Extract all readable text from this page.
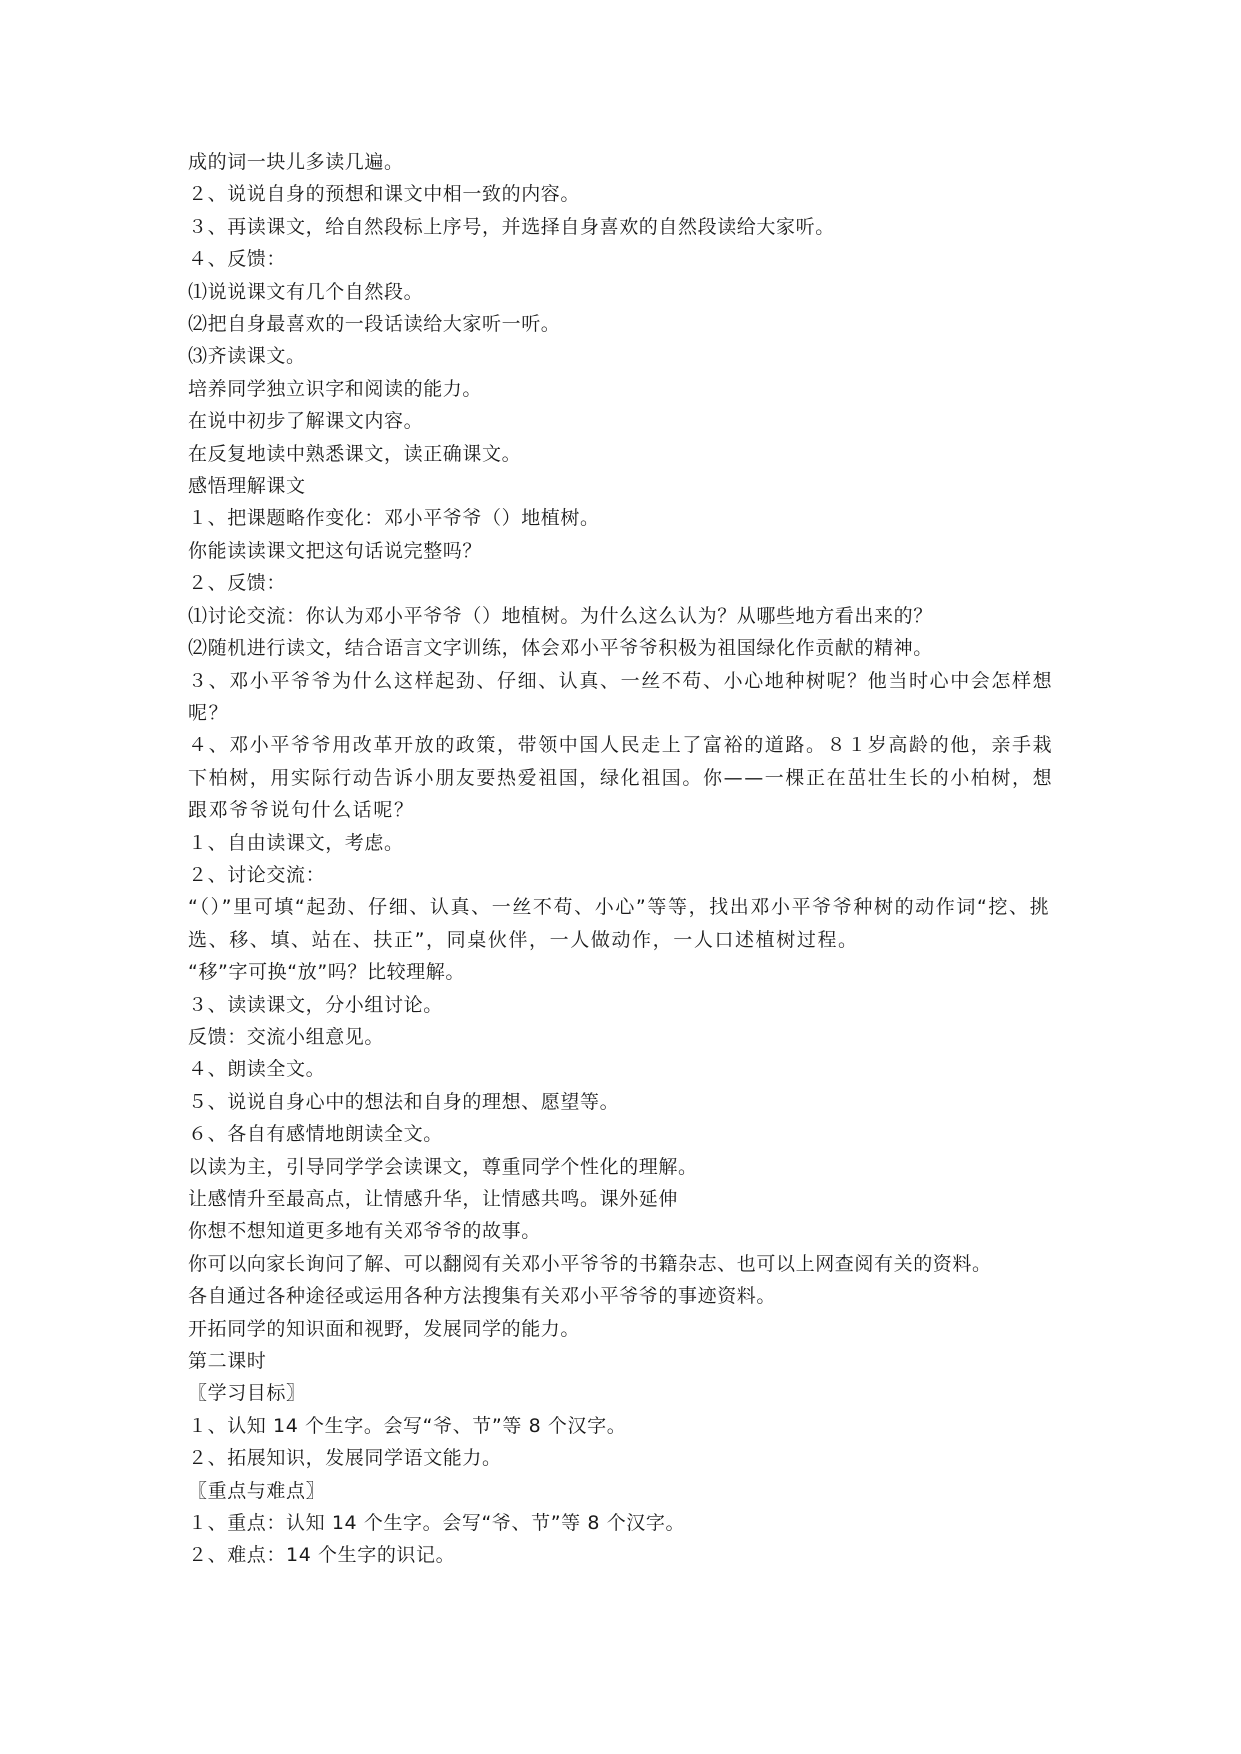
成的词一块儿多读几遍。
２、说说自身的预想和课文中相一致的内容。
３、再读课文，给自然段标上序号，并选择自身喜欢的自然段读给大家听。
４、反馈：
⑴说说课文有几个自然段。
⑵把自身最喜欢的一段话读给大家听一听。
⑶齐读课文。
培养同学独立识字和阅读的能力。
在说中初步了解课文内容。
在反复地读中熟悉课文，读正确课文。
感悟理解课文
１、把课题略作变化：邓小平爷爷（）地植树。
你能读读课文把这句话说完整吗？
２、反馈：
⑴讨论交流：你认为邓小平爷爷（）地植树。为什么这么认为？从哪些地方看出来的？
⑵随机进行读文，结合语言文字训练，体会邓小平爷爷积极为祖国绿化作贡献的精神。
３、邓小平爷爷为什么这样起劲、仔细、认真、一丝不苟、小心地种树呢？他当时心中会怎样想呢？
４、邓小平爷爷用改革开放的政策，带领中国人民走上了富裕的道路。８１岁高龄的他，亲手栽下柏树，用实际行动告诉小朋友要热爱祖国，绿化祖国。你——一棵正在茁壮生长的小柏树，想跟邓爷爷说句什么话呢？
１、自由读课文，考虑。
２、讨论交流：
“（）”里可填“起劲、仔细、认真、一丝不苟、小心”等等，找出邓小平爷爷种树的动作词“挖、挑选、移、填、站在、扶正”，同桌伙伴，一人做动作，一人口述植树过程。
“移”字可换“放”吗？比较理解。
３、读读课文，分小组讨论。
反馈：交流小组意见。
４、朗读全文。
５、说说自身心中的想法和自身的理想、愿望等。
６、各自有感情地朗读全文。
以读为主，引导同学学会读课文，尊重同学个性化的理解。
让感情升至最高点，让情感升华，让情感共鸣。课外延伸
你想不想知道更多地有关邓爷爷的故事。
你可以向家长询问了解、可以翻阅有关邓小平爷爷的书籍杂志、也可以上网查阅有关的资料。
各自通过各种途径或运用各种方法搜集有关邓小平爷爷的事迹资料。
开拓同学的知识面和视野，发展同学的能力。
第二课时
〖学习目标〗
１、认知 14 个生字。会写“爷、节”等 8 个汉字。
２、拓展知识，发展同学语文能力。
〖重点与难点〗
１、重点：认知 14 个生字。会写“爷、节”等 8 个汉字。
２、难点：14 个生字的识记。
